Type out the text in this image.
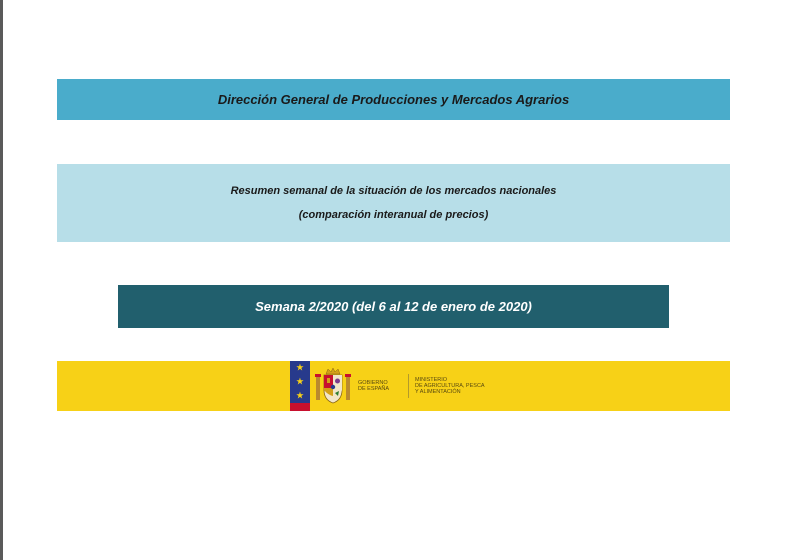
Dirección General de Producciones y Mercados Agrarios
Resumen semanal de la situación de los mercados nacionales
(comparación interanual de precios)
Semana 2/2020 (del 6 al 12 de enero de 2020)
★
★
★
GOBIERNO
DE ESPAÑA
MINISTERIO
DE AGRICULTURA, PESCA
Y ALIMENTACIÓN
